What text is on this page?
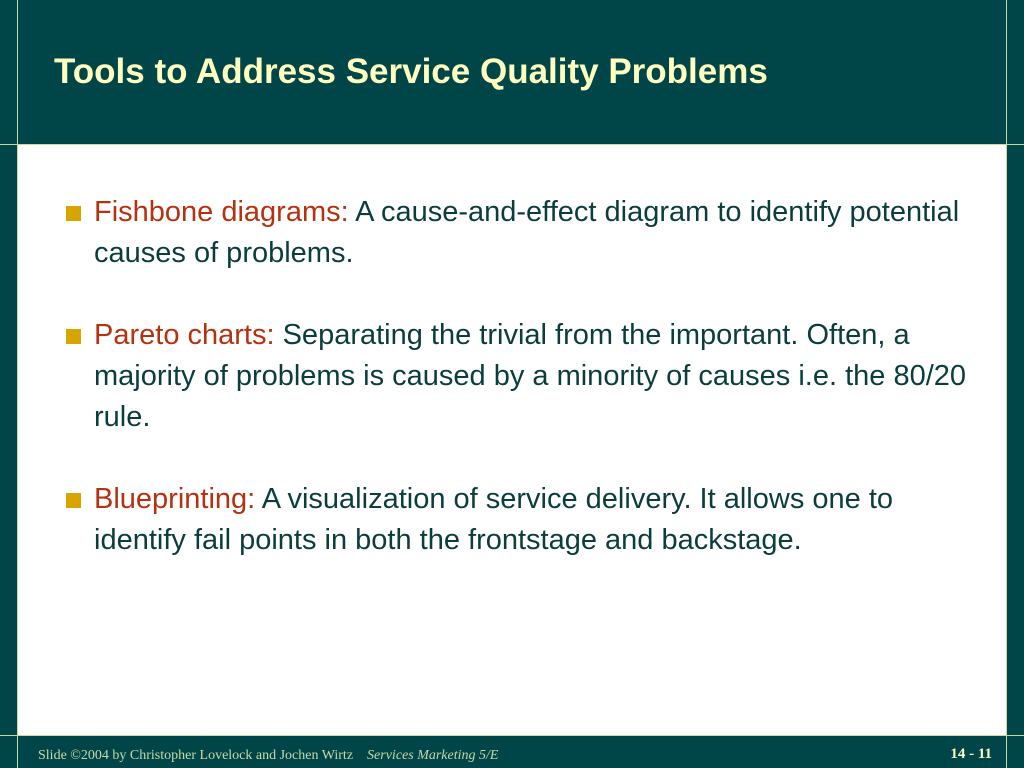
Tools to Address Service Quality Problems
Fishbone diagrams: A cause-and-effect diagram to identify potential causes of problems.
Pareto charts: Separating the trivial from the important. Often, a majority of problems is caused by a minority of causes i.e. the 80/20 rule.
Blueprinting: A visualization of service delivery. It allows one to identify fail points in both the frontstage and backstage.
Slide ©2004 by Christopher Lovelock and Jochen Wirtz Services Marketing 5/E	14 - 11
